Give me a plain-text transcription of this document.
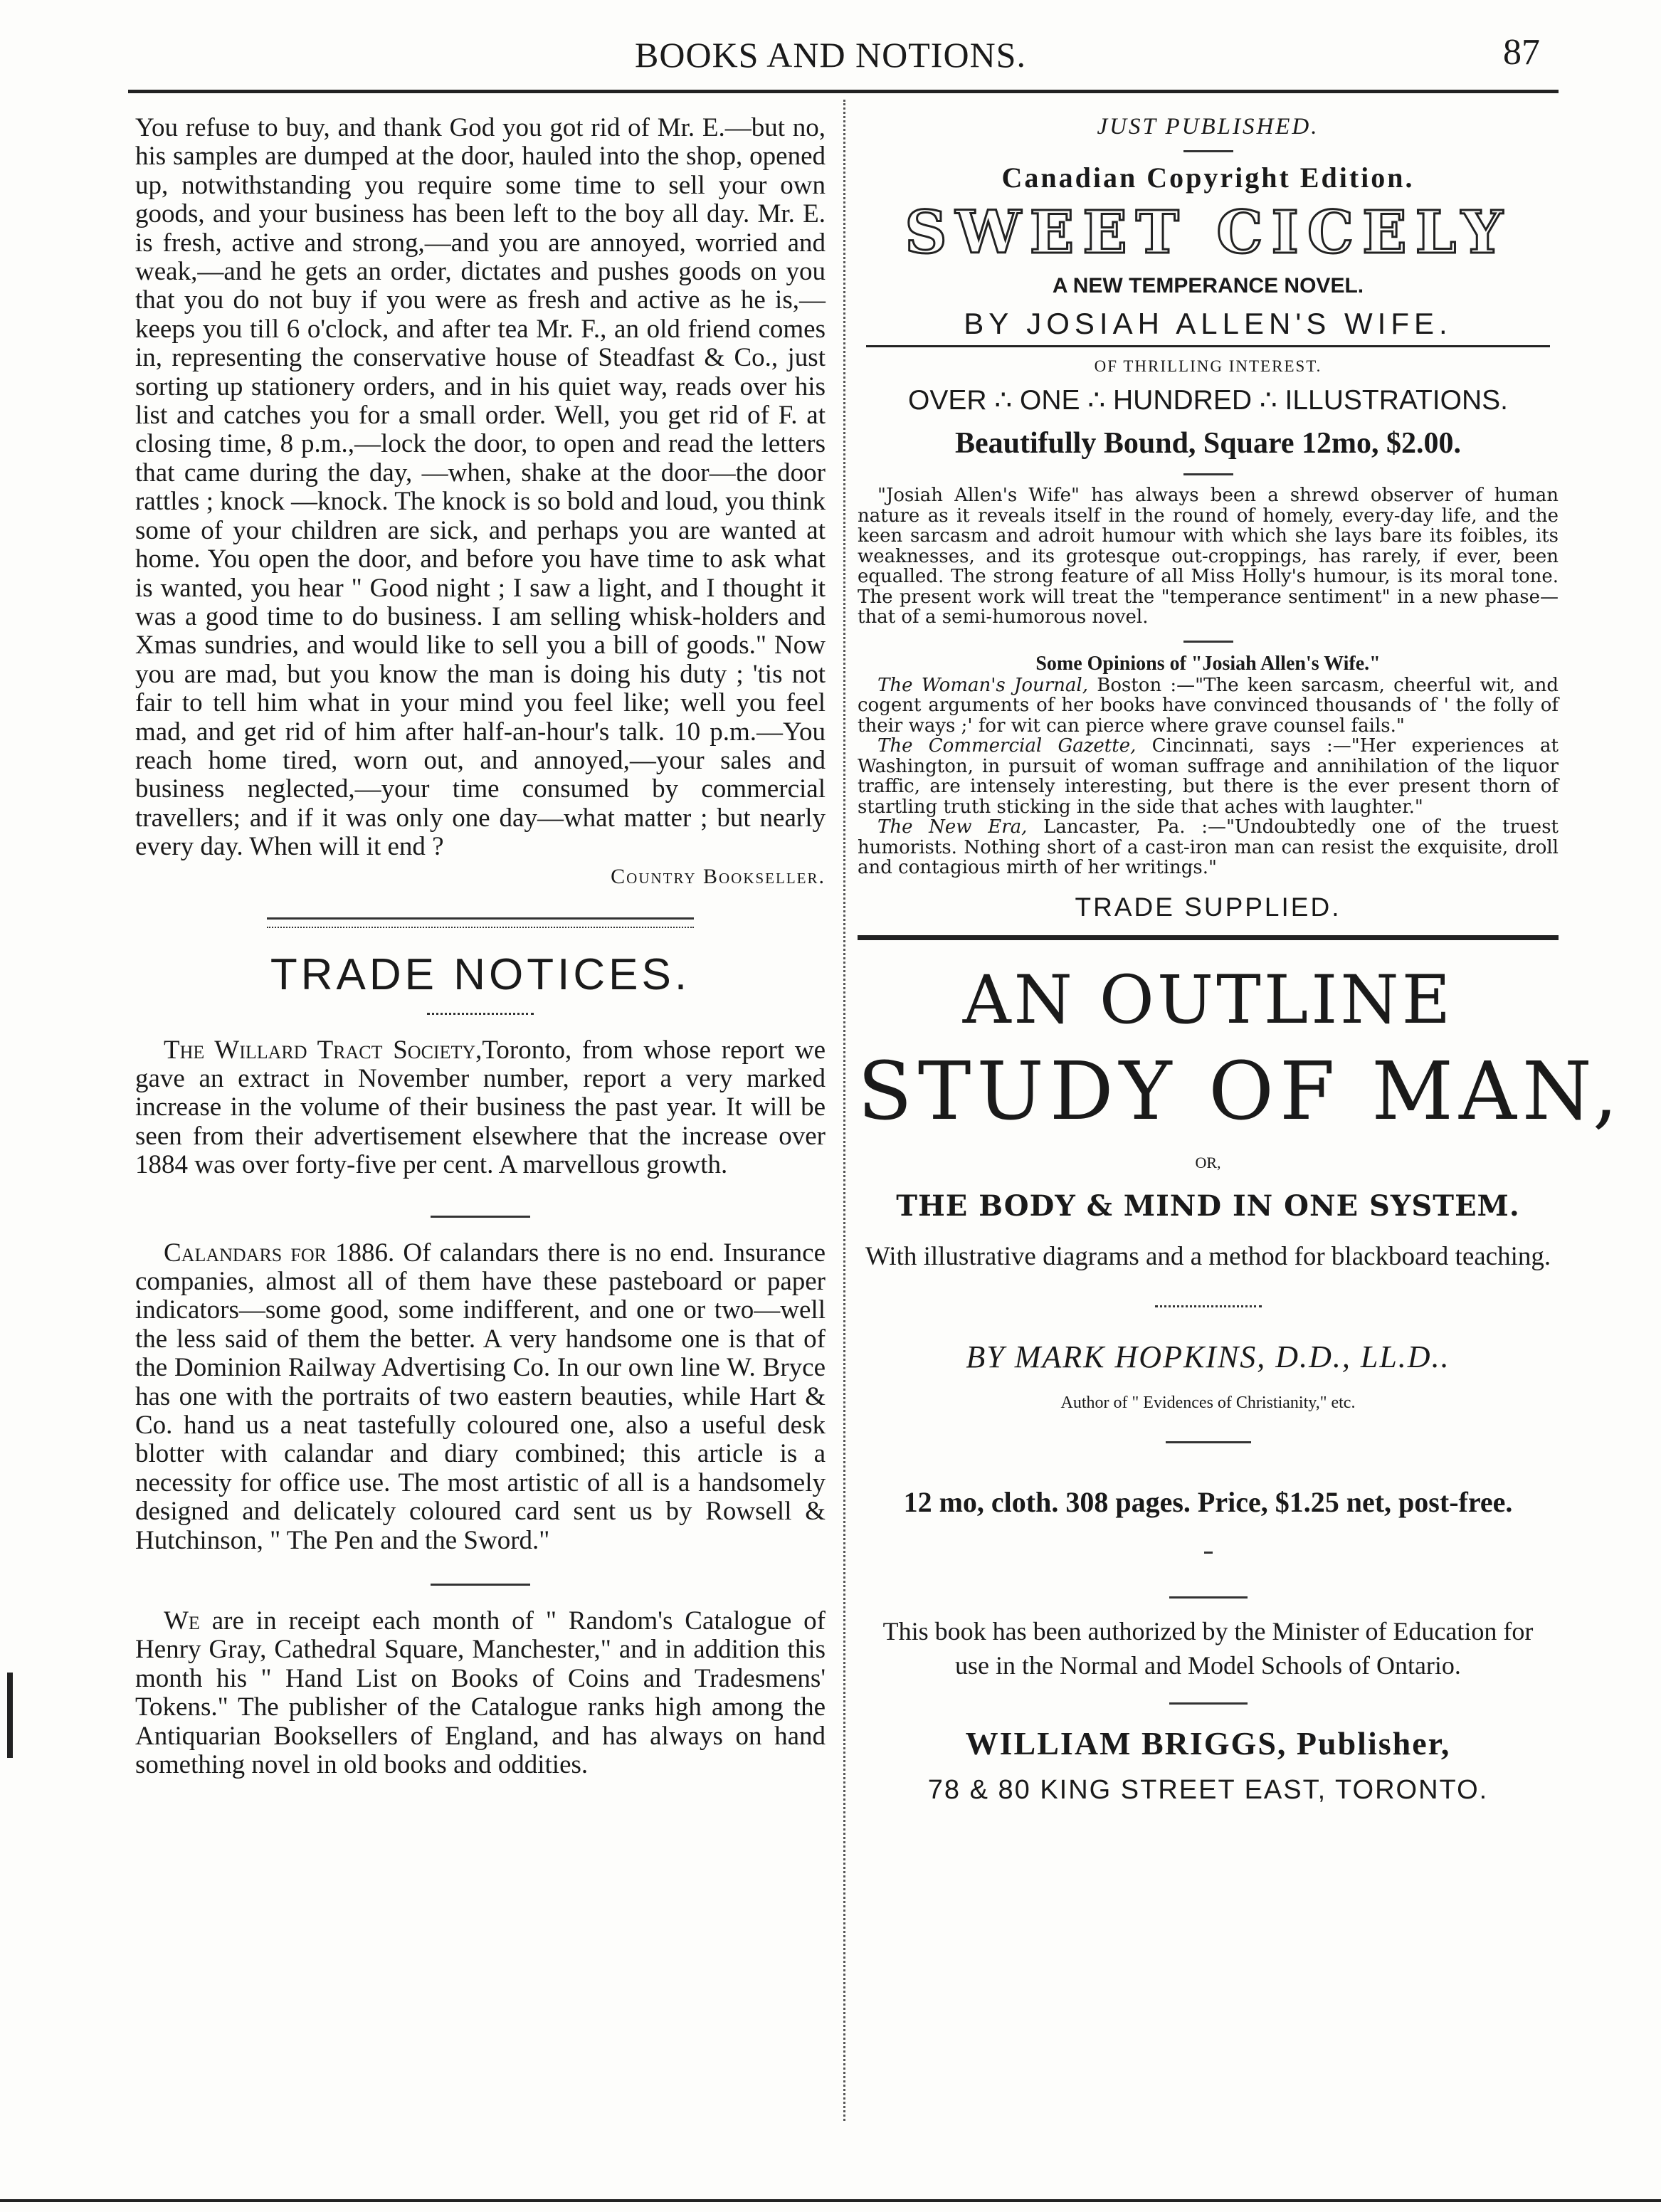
BOOKS AND NOTIONS.	87

You refuse to buy, and thank God you got rid of Mr. E.—but no, his samples are dumped at the door, hauled into the shop, opened up, notwithstanding you require some time to sell your own goods, and your business has been left to the boy all day. Mr. E. is fresh, active and strong,—and you are annoyed, worried and weak,—and he gets an order, dictates and pushes goods on you that you do not buy if you were as fresh and active as he is,—keeps you till 6 o'clock, and after tea Mr. F., an old friend comes in, representing the conservative house of Steadfast & Co., just sorting up stationery orders, and in his quiet way, reads over his list and catches you for a small order. Well, you get rid of F. at closing time, 8 p.m.,—lock the door, to open and read the letters that came during the day, —when, shake at the door—the door rattles ; knock —knock. The knock is so bold and loud, you think some of your children are sick, and perhaps you are wanted at home. You open the door, and before you have time to ask what is wanted, you hear " Good night ; I saw a light, and I thought it was a good time to do business. I am selling whisk-holders and Xmas sundries, and would like to sell you a bill of goods." Now you are mad, but you know the man is doing his duty ; 'tis not fair to tell him what in your mind you feel like; well you feel mad, and get rid of him after half-an-hour's talk. 10 p.m.—You reach home tired, worn out, and annoyed,—your sales and business neglected,—your time consumed by commercial travellers; and if it was only one day—what matter ; but nearly every day. When will it end ?

Country Bookseller.
TRADE NOTICES.

The Willard Tract Society,Toronto, from whose report we gave an extract in November number, report a very marked increase in the volume of their business the past year. It will be seen from their advertisement elsewhere that the increase over 1884 was over forty-five per cent. A marvellous growth.

Calandars for 1886. Of calandars there is no end. Insurance companies, almost all of them have these pasteboard or paper indicators—some good, some indifferent, and one or two—well the less said of them the better. A very handsome one is that of the Dominion Railway Advertising Co. In our own line W. Bryce has one with the portraits of two eastern beauties, while Hart & Co. hand us a neat tastefully coloured one, also a useful desk blotter with calandar and diary combined; this article is a necessity for office use. The most artistic of all is a handsomely designed and delicately coloured card sent us by Rowsell & Hutchinson, " The Pen and the Sword."

We are in receipt each month of " Random's Catalogue of Henry Gray, Cathedral Square, Manchester," and in addition this month his " Hand List on Books of Coins and Tradesmens' Tokens." The publisher of the Catalogue ranks high among the Antiquarian Booksellers of England, and has always on hand something novel in old books and oddities.

JUST PUBLISHED.
Canadian Copyright Edition.
SWEET CICELY
A NEW TEMPERANCE NOVEL.
BY JOSIAH ALLEN'S WIFE.
OF THRILLING INTEREST.
OVER ∴ ONE ∴ HUNDRED ∴ ILLUSTRATIONS.
Beautifully Bound, Square 12mo, $2.00.

"Josiah Allen's Wife" has always been a shrewd observer of human nature as it reveals itself in the round of homely, every-day life, and the keen sarcasm and adroit humour with which she lays bare its foibles, its weaknesses, and its grotesque out-croppings, has rarely, if ever, been equalled. The strong feature of all Miss Holly's humour, is its moral tone. The present work will treat the "temperance sentiment" in a new phase—that of a semi-humorous novel.

Some Opinions of "Josiah Allen's Wife."

The Woman's Journal, Boston :—"The keen sarcasm, cheerful wit, and cogent arguments of her books have convinced thousands of ' the folly of their ways ;' for wit can pierce where grave counsel fails."

The Commercial Gazette, Cincinnati, says :—"Her experiences at Washington, in pursuit of woman suffrage and annihilation of the liquor traffic, are intensely interesting, but there is the ever present thorn of startling truth sticking in the side that aches with laughter."

The New Era, Lancaster, Pa. :—"Undoubtedly one of the truest humorists. Nothing short of a cast-iron man can resist the exquisite, droll and contagious mirth of her writings."

TRADE SUPPLIED.
AN OUTLINE
STUDY OF MAN,
OR,
THE BODY & MIND IN ONE SYSTEM.
With illustrative diagrams and a method for blackboard teaching.
BY MARK HOPKINS, D.D., LL.D..
Author of " Evidences of Christianity," etc.
12 mo, cloth. 308 pages. Price, $1.25 net, post-free.
This book has been authorized by the Minister of Education for use in the Normal and Model Schools of Ontario.
WILLIAM BRIGGS, Publisher,
78 & 80 KING STREET EAST, TORONTO.
